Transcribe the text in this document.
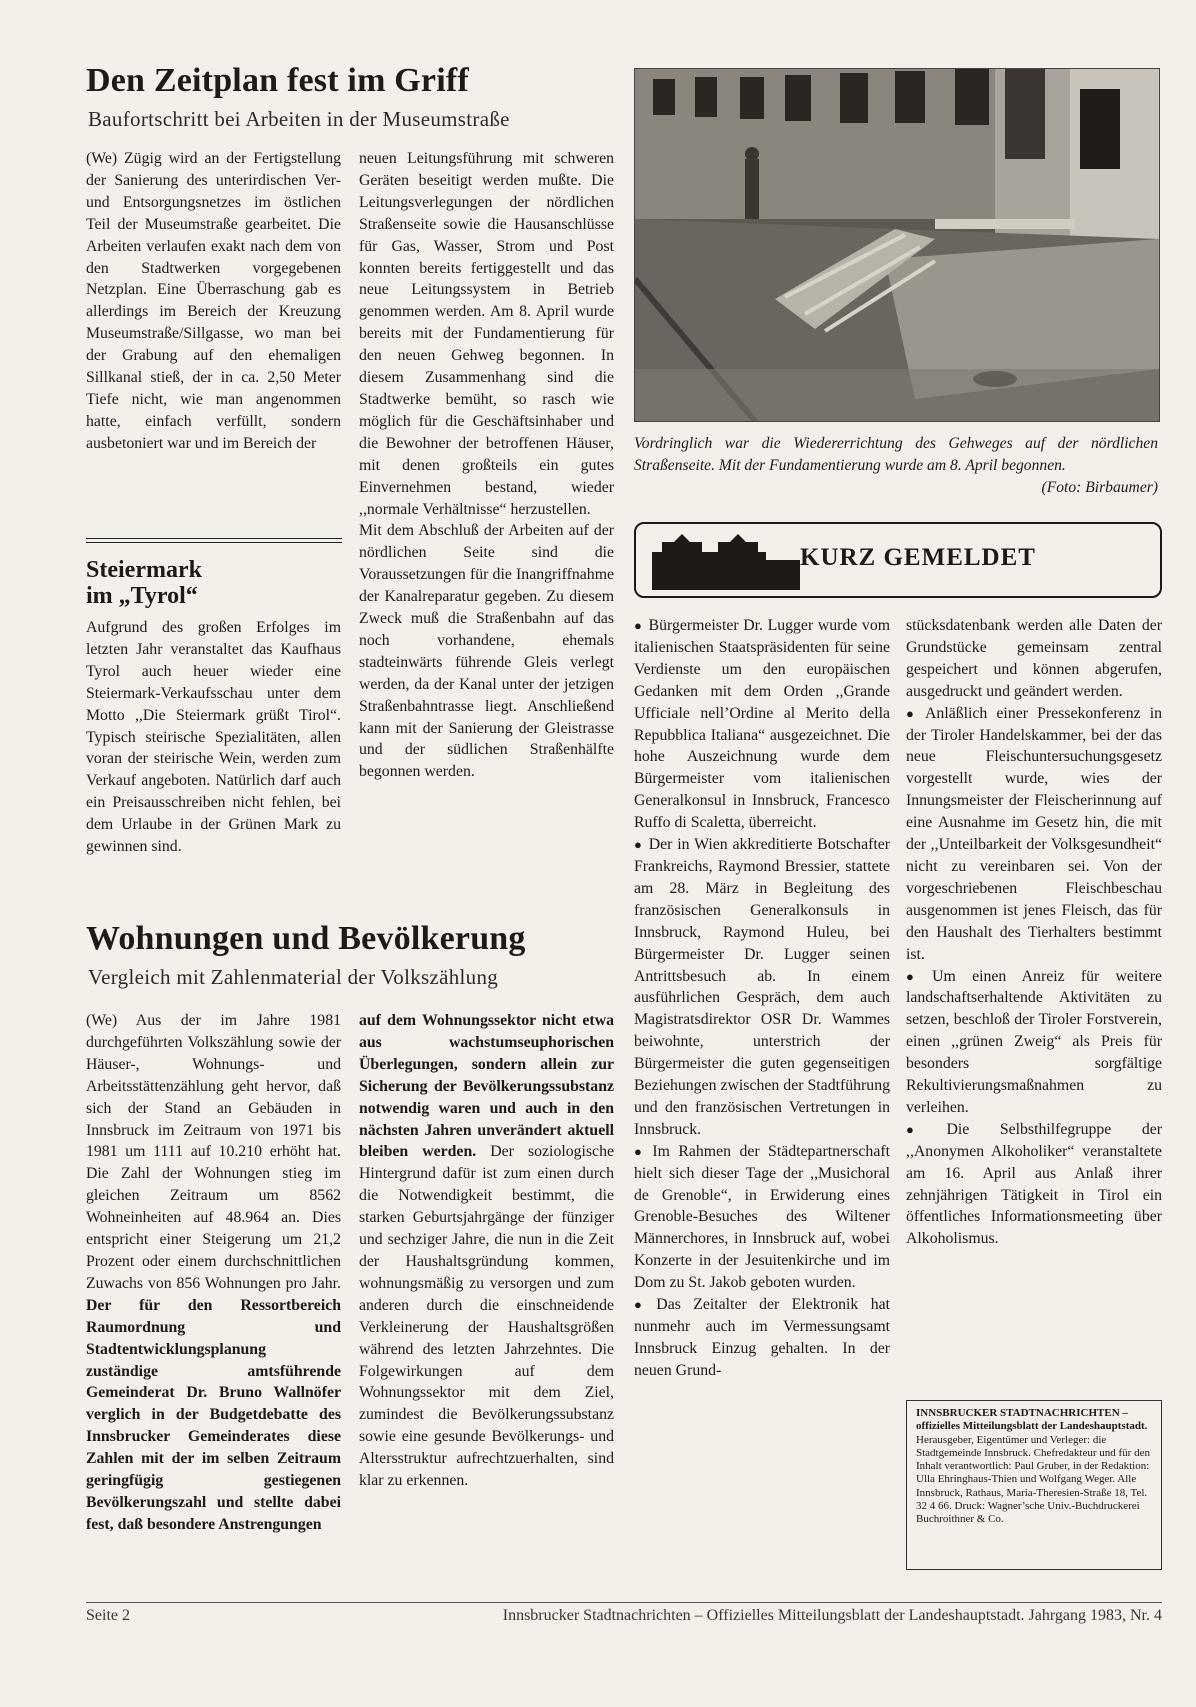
Den Zeitplan fest im Griff
Baufortschritt bei Arbeiten in der Museumstraße

(We) Zügig wird an der Fertigstellung der Sanierung des unterirdischen Ver- und Entsorgungsnetzes im östlichen Teil der Museumstraße gearbeitet. Die Arbeiten verlaufen exakt nach dem von den Stadtwerken vorgegebenen Netzplan. Eine Überraschung gab es allerdings im Bereich der Kreuzung Museumstraße/Sillgasse, wo man bei der Grabung auf den ehemaligen Sillkanal stieß, der in ca. 2,50 Meter Tiefe nicht, wie man angenommen hatte, einfach verfüllt, sondern ausbetoniert war und im Bereich der

neuen Leitungsführung mit schweren Geräten beseitigt werden mußte. Die Leitungsverlegungen der nördlichen Straßenseite sowie die Hausanschlüsse für Gas, Wasser, Strom und Post konnten bereits fertiggestellt und das neue Leitungssystem in Betrieb genommen werden. Am 8. April wurde bereits mit der Fundamentierung für den neuen Gehweg begonnen. In diesem Zusammenhang sind die Stadtwerke bemüht, so rasch wie möglich für die Geschäftsinhaber und die Bewohner der betroffenen Häuser, mit denen großteils ein gutes Einvernehmen bestand, wieder ,,normale Verhältnisse“ herzustellen.

Mit dem Abschluß der Arbeiten auf der nördlichen Seite sind die Voraussetzungen für die Inangriffnahme der Kanalreparatur gegeben. Zu diesem Zweck muß die Straßenbahn auf das noch vorhandene, ehemals stadteinwärts führende Gleis verlegt werden, da der Kanal unter der jetzigen Straßenbahntrasse liegt. Anschließend kann mit der Sanierung der Gleistrasse und der südlichen Straßenhälfte begonnen werden.

Vordringlich war die Wiedererrichtung des Gehweges auf der nördlichen Straßenseite. Mit der Fundamentierung wurde am 8. April begonnen.
(Foto: Birbaumer)
Steiermark
im „Tyrol“

Aufgrund des großen Erfolges im letzten Jahr veranstaltet das Kaufhaus Tyrol auch heuer wieder eine Steiermark-Verkaufsschau unter dem Motto ,,Die Steiermark grüßt Tirol“. Typisch steirische Spezialitäten, allen voran der steirische Wein, werden zum Verkauf angeboten. Natürlich darf auch ein Preisausschreiben nicht fehlen, bei dem Urlaube in der Grünen Mark zu gewinnen sind.

Wohnungen und Bevölkerung
Vergleich mit Zahlenmaterial der Volkszählung

(We) Aus der im Jahre 1981 durchgeführten Volkszählung sowie der Häuser-, Wohnungs- und Arbeitsstättenzählung geht hervor, daß sich der Stand an Gebäuden in Innsbruck im Zeitraum von 1971 bis 1981 um 1111 auf 10.210 erhöht hat. Die Zahl der Wohnungen stieg im gleichen Zeitraum um 8562 Wohneinheiten auf 48.964 an. Dies entspricht einer Steigerung um 21,2 Prozent oder einem durchschnittlichen Zuwachs von 856 Wohnungen pro Jahr. Der für den Ressortbereich Raumordnung und Stadtentwicklungsplanung zuständige amtsführende Gemeinderat Dr. Bruno Wallnöfer verglich in der Budgetdebatte des Innsbrucker Gemeinderates diese Zahlen mit der im selben Zeitraum geringfügig gestiegenen Bevölkerungszahl und stellte dabei fest, daß besondere Anstrengungen

auf dem Wohnungssektor nicht etwa aus wachstumseuphorischen Überlegungen, sondern allein zur Sicherung der Bevölkerungssubstanz notwendig waren und auch in den nächsten Jahren unverändert aktuell bleiben werden. Der soziologische Hintergrund dafür ist zum einen durch die Notwendigkeit bestimmt, die starken Geburtsjahrgänge der fünziger und sechziger Jahre, die nun in die Zeit der Haushaltsgründung kommen, wohnungsmäßig zu versorgen und zum anderen durch die einschneidende Verkleinerung der Haushaltsgrößen während des letzten Jahrzehntes. Die Folgewirkungen auf dem Wohnungssektor mit dem Ziel, zumindest die Bevölkerungssubstanz sowie eine gesunde Bevölkerungs- und Altersstruktur aufrechtzuerhalten, sind klar zu erkennen.

KURZ GEMELDET

● Bürgermeister Dr. Lugger wurde vom italienischen Staatspräsidenten für seine Verdienste um den europäischen Gedanken mit dem Orden ,,Grande Ufficiale nell’Ordine al Merito della Repubblica Italiana“ ausgezeichnet. Die hohe Auszeichnung wurde dem Bürgermeister vom italienischen Generalkonsul in Innsbruck, Francesco Ruffo di Scaletta, überreicht.

● Der in Wien akkreditierte Botschafter Frankreichs, Raymond Bressier, stattete am 28. März in Begleitung des französischen Generalkonsuls in Innsbruck, Raymond Huleu, bei Bürgermeister Dr. Lugger seinen Antrittsbesuch ab. In einem ausführlichen Gespräch, dem auch Magistratsdirektor OSR Dr. Wammes beiwohnte, unterstrich der Bürgermeister die guten gegenseitigen Beziehungen zwischen der Stadtführung und den französischen Vertretungen in Innsbruck.

● Im Rahmen der Städtepartnerschaft hielt sich dieser Tage der ,,Musichoral de Grenoble“, in Erwiderung eines Grenoble-Besuches des Wiltener Männerchores, in Innsbruck auf, wobei Konzerte in der Jesuitenkirche und im Dom zu St. Jakob geboten wurden.

● Das Zeitalter der Elektronik hat nunmehr auch im Vermessungsamt Innsbruck Einzug gehalten. In der neuen Grund-

stücksdatenbank werden alle Daten der Grundstücke gemeinsam zentral gespeichert und können abgerufen, ausgedruckt und geändert werden.

● Anläßlich einer Pressekonferenz in der Tiroler Handelskammer, bei der das neue Fleischuntersuchungsgesetz vorgestellt wurde, wies der Innungsmeister der Fleischerinnung auf eine Ausnahme im Gesetz hin, die mit der ,,Unteilbarkeit der Volksgesundheit“ nicht zu vereinbaren sei. Von der vorgeschriebenen Fleischbeschau ausgenommen ist jenes Fleisch, das für den Haushalt des Tierhalters bestimmt ist.

● Um einen Anreiz für weitere landschaftserhaltende Aktivitäten zu setzen, beschloß der Tiroler Forstverein, einen ,,grünen Zweig“ als Preis für besonders sorgfältige Rekultivierungsmaßnahmen zu verleihen.

● Die Selbsthilfegruppe der ,,Anonymen Alkoholiker“ veranstaltete am 16. April aus Anlaß ihrer zehnjährigen Tätigkeit in Tirol ein öffentliches Informationsmeeting über Alkoholismus.

INNSBRUCKER STADTNACHRICHTEN – offizielles Mitteilungsblatt der Landeshauptstadt. Herausgeber, Eigentümer und Verleger: die Stadtgemeinde Innsbruck. Chefredakteur und für den Inhalt verantwortlich: Paul Gruber, in der Redaktion: Ulla Ehringhaus-Thien und Wolfgang Weger. Alle Innsbruck, Rathaus, Maria-Theresien-Straße 18, Tel. 32 4 66. Druck: Wagner’sche Univ.-Buchdruckerei Buchroithner & Co.
Seite 2	Innsbrucker Stadtnachrichten – Offizielles Mitteilungsblatt der Landeshauptstadt. Jahrgang 1983, Nr. 4
